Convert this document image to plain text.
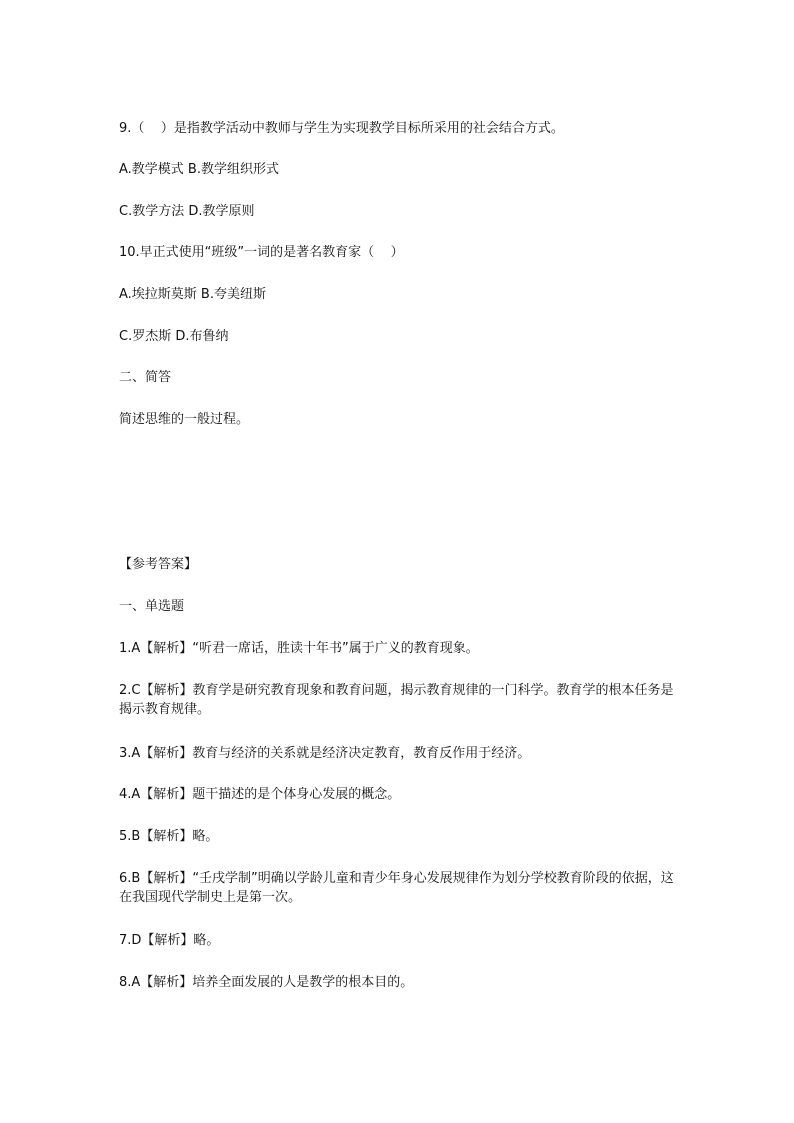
9.（    ）是指教学活动中教师与学生为实现教学目标所采用的社会结合方式。
A.教学模式 B.教学组织形式
C.教学方法 D.教学原则
10.早正式使用“班级”一词的是著名教育家（    ）
A.埃拉斯莫斯 B.夸美纽斯
C.罗杰斯 D.布鲁纳
二、简答
简述思维的一般过程。
【参考答案】
一、单选题
1.A【解析】“听君一席话，胜读十年书”属于广义的教育现象。
2.C【解析】教育学是研究教育现象和教育问题，揭示教育规律的一门科学。教育学的根本任务是揭示教育规律。
3.A【解析】教育与经济的关系就是经济决定教育，教育反作用于经济。
4.A【解析】题干描述的是个体身心发展的概念。
5.B【解析】略。
6.B【解析】“壬戌学制”明确以学龄儿童和青少年身心发展规律作为划分学校教育阶段的依据，这在我国现代学制史上是第一次。
7.D【解析】略。
8.A【解析】培养全面发展的人是教学的根本目的。
